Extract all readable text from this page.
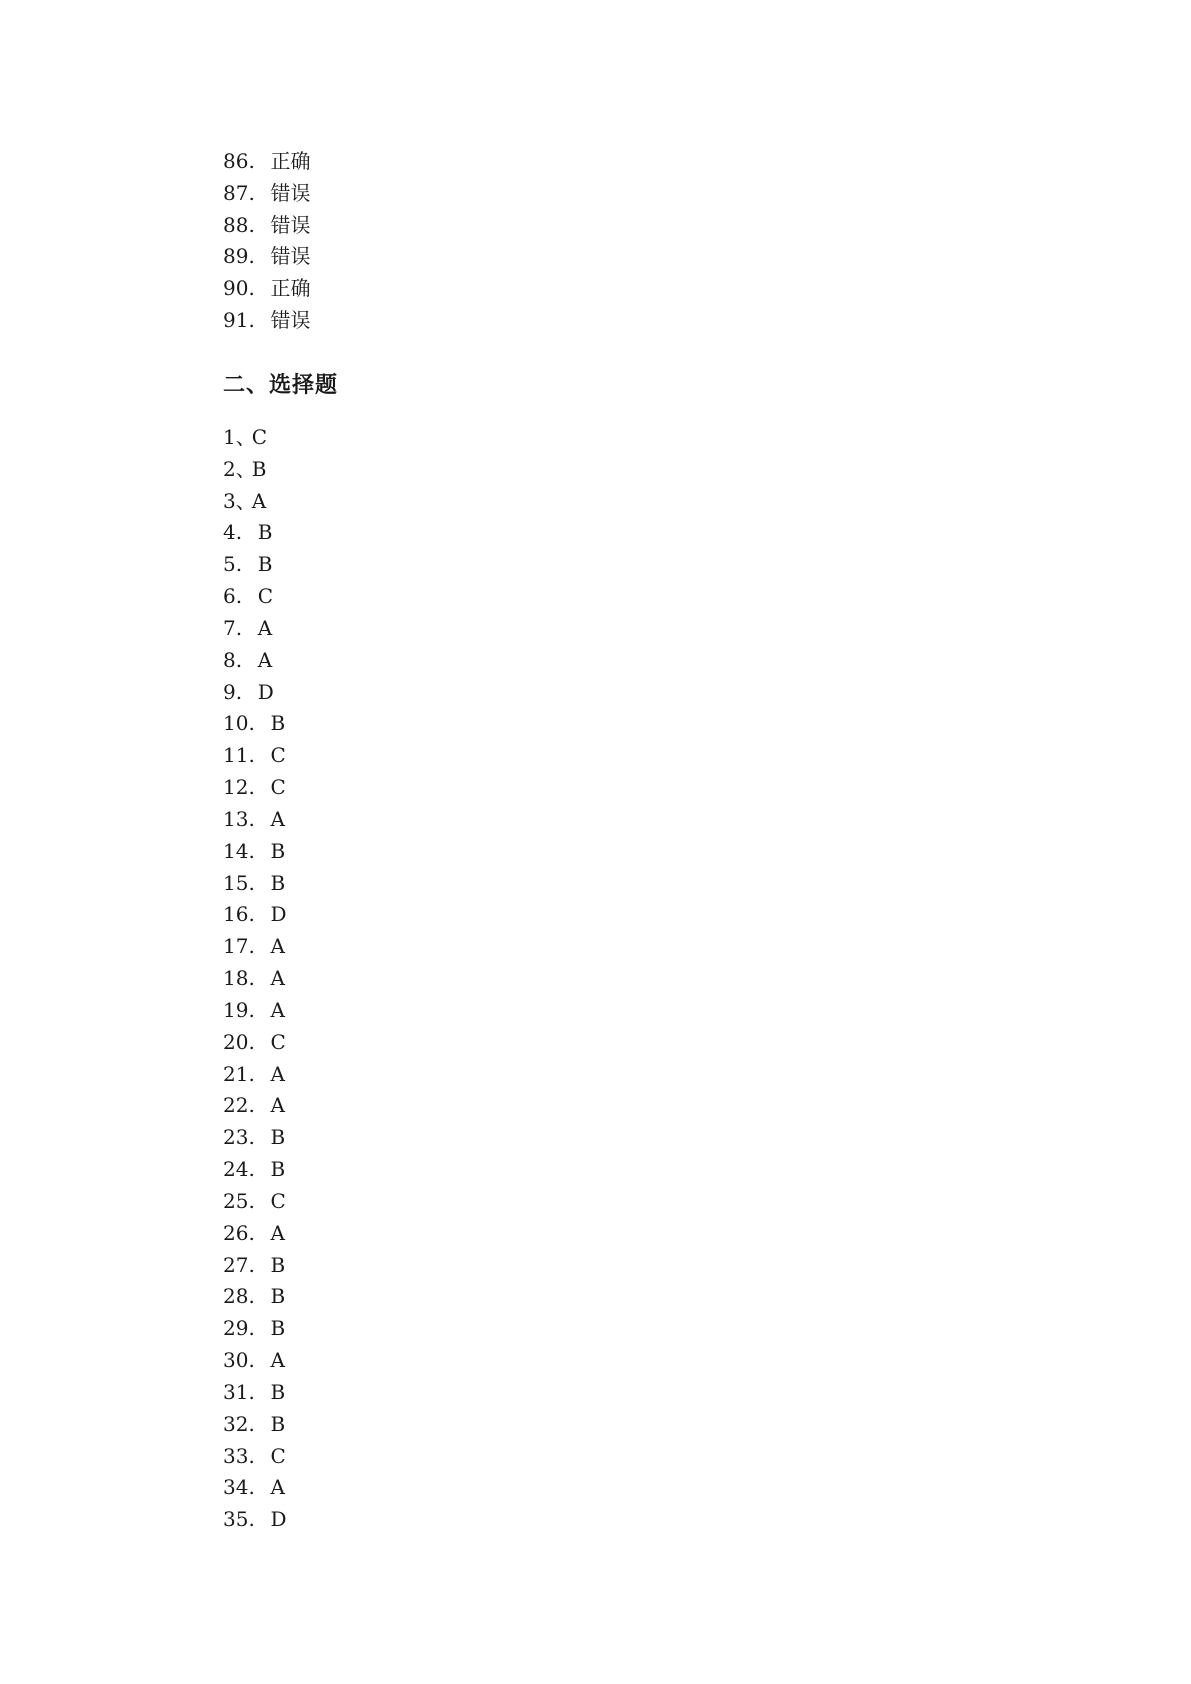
86. 正确
87. 错误
88. 错误
89. 错误
90. 正确
91. 错误
二、选择题
1、C
2、B
3、A
4. B
5. B
6. C
7. A
8. A
9. D
10. B
11. C
12. C
13. A
14. B
15. B
16. D
17. A
18. A
19. A
20. C
21. A
22. A
23. B
24. B
25. C
26. A
27. B
28. B
29. B
30. A
31. B
32. B
33. C
34. A
35. D
